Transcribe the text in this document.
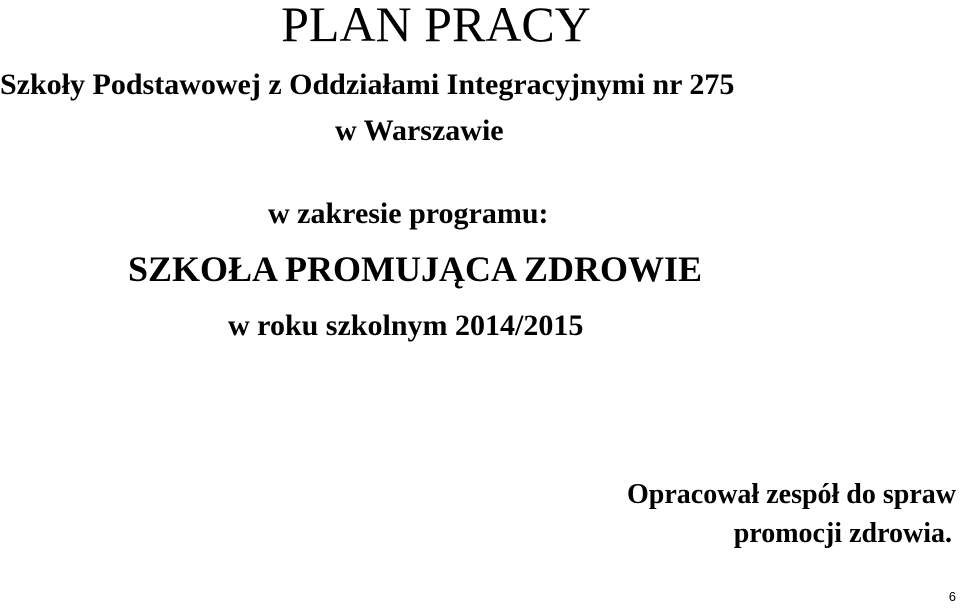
PLAN PRACY
Szkoły Podstawowej z Oddziałami Integracyjnymi nr 275
w Warszawie
w zakresie programu:
SZKOŁA PROMUJĄCA ZDROWIE
w roku szkolnym 2014/2015
Opracował zespół do spraw
promocji zdrowia.
6
